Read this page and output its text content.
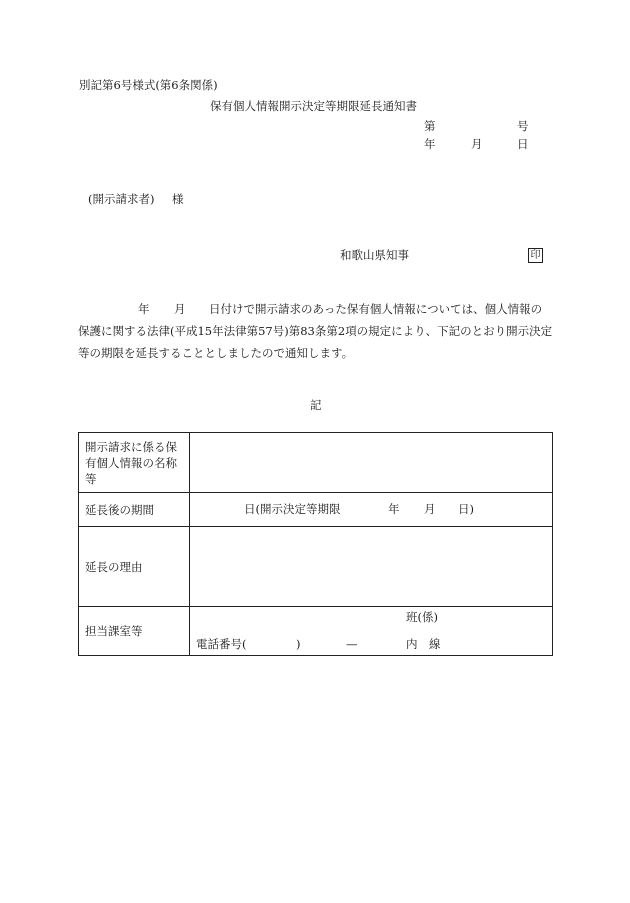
別記第6号様式(第6条関係)
保有個人情報開示決定等期限延長通知書
第	号
年	月	日
(開示請求者) 様
和歌山県知事	印
年 月 日付けで開示請求のあった保有個人情報については、個人情報の
保護に関する法律(平成15年法律第57号)第83条第2項の規定により、下記のとおり開示決定
等の期限を延長することとしましたので通知します。
記
開示請求に係る保
有個人情報の名称
等	

延長後の期間	日(開示決定等期限 年 月 日)

延長の理由	
担当課室等	班(係)
電話番号( ) — 内　線
